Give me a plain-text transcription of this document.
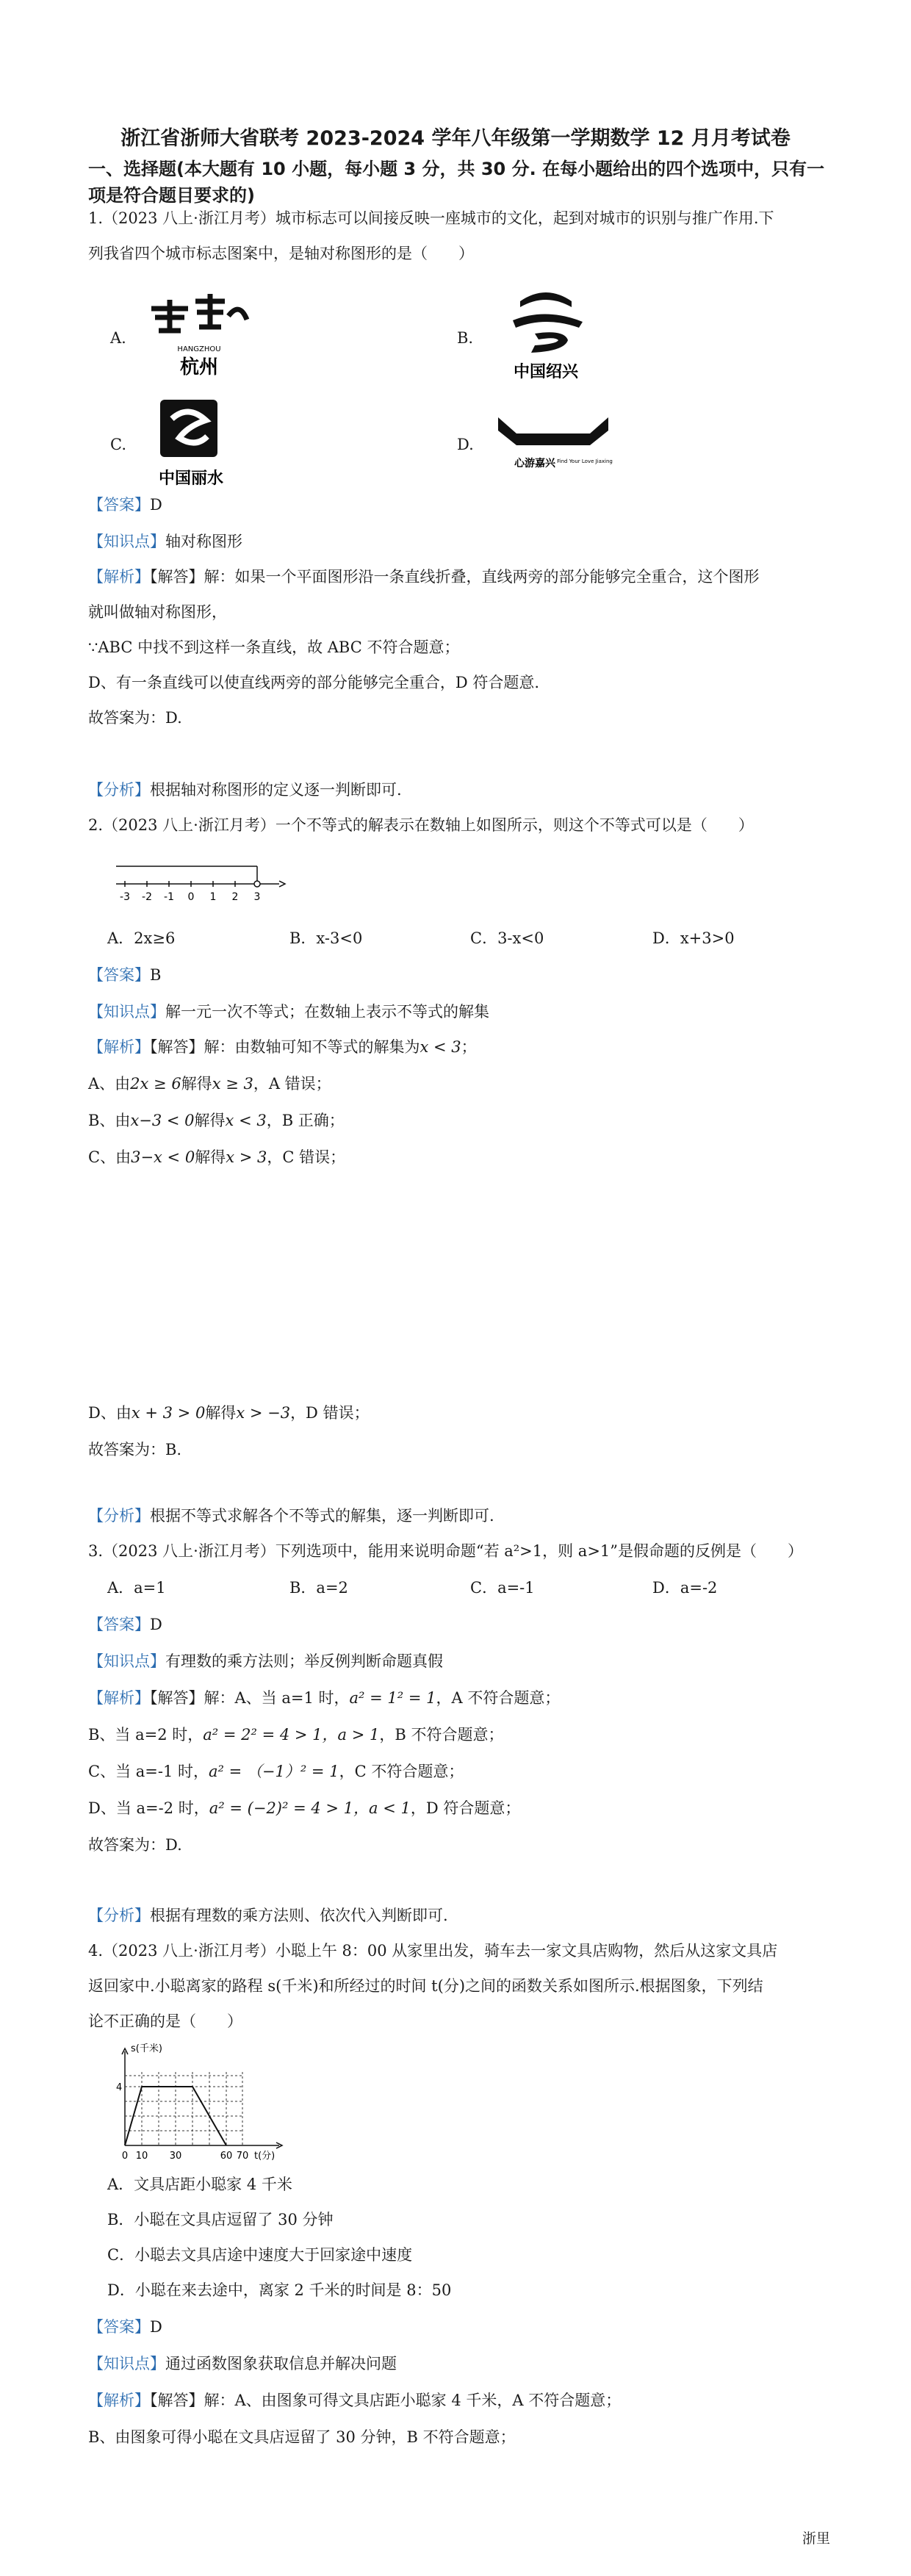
浙江省浙师大省联考 2023-2024 学年八年级第一学期数学 12 月月考试卷
一、选择题(本大题有 10 小题，每小题 3 分，共 30 分. 在每小题给出的四个选项中，只有一项是符合题目要求的)
1.（2023 八上·浙江月考）城市标志可以间接反映一座城市的文化，起到对城市的识别与推广作用.下
列我省四个城市标志图案中，是轴对称图形的是（　　）
A.
HANGZHOU
杭州
B.
中国绍兴
C.
中国丽水
D.
心游嘉兴 Find Your Love Jiaxing
【答案】D
【知识点】轴对称图形
【解析】【解答】解：如果一个平面图形沿一条直线折叠，直线两旁的部分能够完全重合，这个图形
就叫做轴对称图形，
∵ABC 中找不到这样一条直线，故 ABC 不符合题意；
D、有一条直线可以使直线两旁的部分能够完全重合，D 符合题意.
故答案为：D.
【分析】根据轴对称图形的定义逐一判断即可.
2.（2023 八上·浙江月考）一个不等式的解表示在数轴上如图所示，则这个不等式可以是（　　）
-3 -2 -1 0 1 2 3
A．2x≥6	B．x-3<0	C．3-x<0	D．x+3>0
【答案】B
【知识点】解一元一次不等式；在数轴上表示不等式的解集
【解析】【解答】解：由数轴可知不等式的解集为x < 3；
A、由2x ≥ 6解得x ≥ 3，A 错误；
B、由x−3 < 0解得x < 3，B 正确；
C、由3−x < 0解得x > 3，C 错误；
D、由x + 3 > 0解得x > −3，D 错误；
故答案为：B.
【分析】根据不等式求解各个不等式的解集，逐一判断即可.
3.（2023 八上·浙江月考）下列选项中，能用来说明命题“若 a²>1，则 a>1”是假命题的反例是（　　）
A．a=1	B．a=2	C．a=-1	D．a=-2
【答案】D
【知识点】有理数的乘方法则；举反例判断命题真假
【解析】【解答】解：A、当 a=1 时，a² = 1² = 1，A 不符合题意；
B、当 a=2 时，a² = 2² = 4 > 1，a > 1，B 不符合题意；
C、当 a=-1 时，a² = （−1）² = 1，C 不符合题意；
D、当 a=-2 时，a² = (−2)² = 4 > 1，a < 1，D 符合题意；
故答案为：D.
【分析】根据有理数的乘方法则、依次代入判断即可.
4.（2023 八上·浙江月考）小聪上午 8：00 从家里出发，骑车去一家文具店购物，然后从这家文具店
返回家中.小聪离家的路程 s(千米)和所经过的时间 t(分)之间的函数关系如图所示.根据图象，下列结
论不正确的是（　　）
s(千米)
4
0 10 30	60 70 t(分)
A．文具店距小聪家 4 千米
B．小聪在文具店逗留了 30 分钟
C．小聪去文具店途中速度大于回家途中速度
D．小聪在来去途中，离家 2 千米的时间是 8：50
【答案】D
【知识点】通过函数图象获取信息并解决问题
【解析】【解答】解：A、由图象可得文具店距小聪家 4 千米，A 不符合题意；
B、由图象可得小聪在文具店逗留了 30 分钟，B 不符合题意；
浙里
